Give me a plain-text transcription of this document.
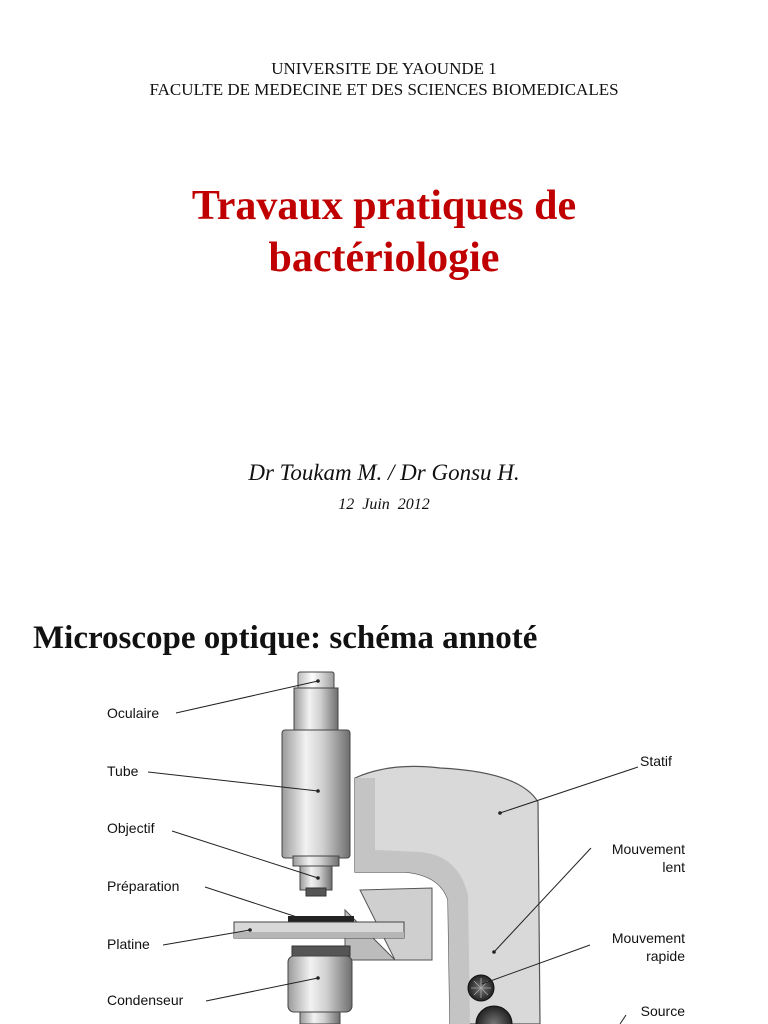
UNIVERSITE DE YAOUNDE 1
FACULTE DE MEDECINE ET DES SCIENCES BIOMEDICALES
Travaux pratiques de
bactériologie
Dr Toukam M. / Dr Gonsu H.
12 Juin 2012
Microscope optique: schéma annoté
Oculaire
Tube
Objectif
Préparation
Platine
Condenseur
Statif
Mouvement
lent
Mouvement
rapide
Source
